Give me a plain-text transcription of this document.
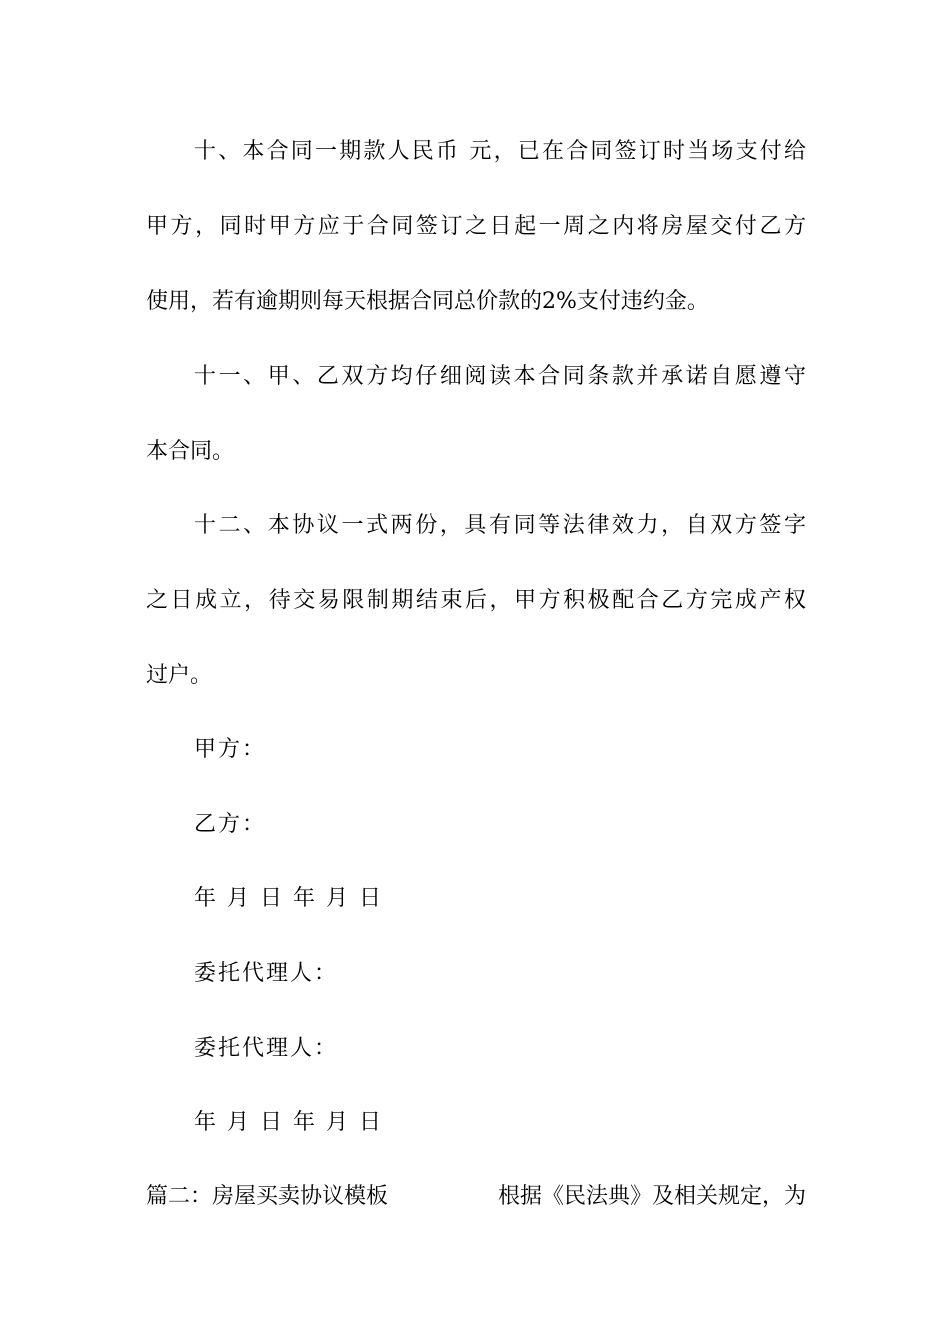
十、本合同一期款人民币 元，已在合同签订时当场支付给
甲方，同时甲方应于合同签订之日起一周之内将房屋交付乙方
使用，若有逾期则每天根据合同总价款的2%支付违约金。
十一、甲、乙双方均仔细阅读本合同条款并承诺自愿遵守
本合同。
十二、本协议一式两份，具有同等法律效力，自双方签字
之日成立，待交易限制期结束后，甲方积极配合乙方完成产权
过户。
甲方：
乙方：
年 月 日 年 月 日
委托代理人：
委托代理人：
年 月 日 年 月 日
篇二：房屋买卖协议模板	根据《民法典》及相关规定，为
